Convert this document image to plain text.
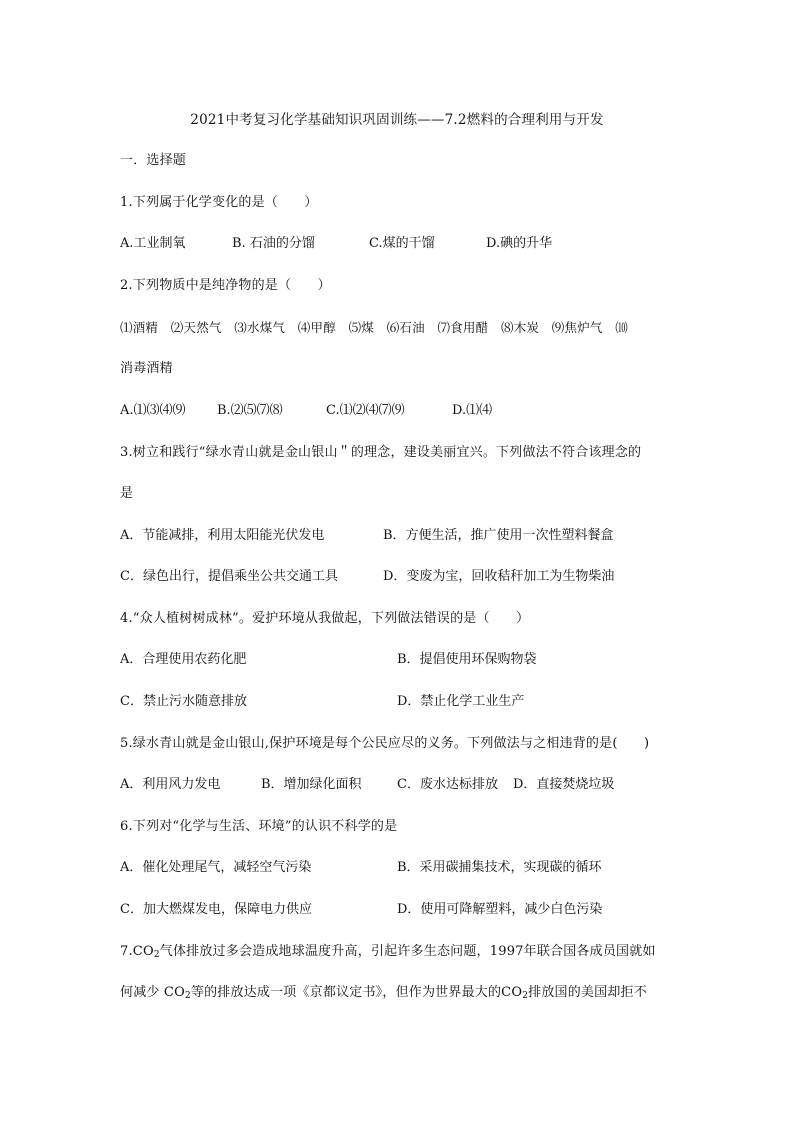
2021中考复习化学基础知识巩固训练——7.2燃料的合理利用与开发
一．选择题
1.下列属于化学变化的是（　　）
A.工业制氧	B. 石油的分馏	C.煤的干馏	D.碘的升华
2.下列物质中是纯净物的是（　　）
⑴酒精　⑵天然气　⑶水煤气　⑷甲醇　⑸煤　⑹石油　⑺食用醋　⑻木炭　⑼焦炉气　⑽
消毒酒精
A.⑴⑶⑷⑼ B.⑵⑸⑺⑻	C.⑴⑵⑷⑺⑼	D.⑴⑷
3.树立和践行“绿水青山就是金山银山＂的理念，建设美丽宜兴。下列做法不符合该理念的
是
A．节能减排，利用太阳能光伏发电	B．方便生活，推广使用一次性塑料餐盒
C．绿色出行，提倡乘坐公共交通工具	D．变废为宝，回收秸秆加工为生物柴油
4.“众人植树树成林”。爱护环境从我做起，下列做法错误的是（　　）
A．合理使用农药化肥	B．提倡使用环保购物袋
C．禁止污水随意排放	D．禁止化学工业生产
5.绿水青山就是金山银山,保护环境是每个公民应尽的义务。下列做法与之相违背的是(　　)
A．利用风力发电	B．增加绿化面积	C．废水达标排放 D．直接焚烧垃圾
6.下列对“化学与生活、环境”的认识不科学的是
A．催化处理尾气，减轻空气污染	B．采用碳捕集技术，实现碳的循环
C．加大燃煤发电，保障电力供应	D．使用可降解塑料，减少白色污染
$7.CO_2$气体排放过多会造成地球温度升高，引起许多生态问题，1997年联合国各成员国就如
何减少 $CO_2$等的排放达成一项《京都议定书》，但作为世界最大的$CO_2$排放国的美国却拒不
